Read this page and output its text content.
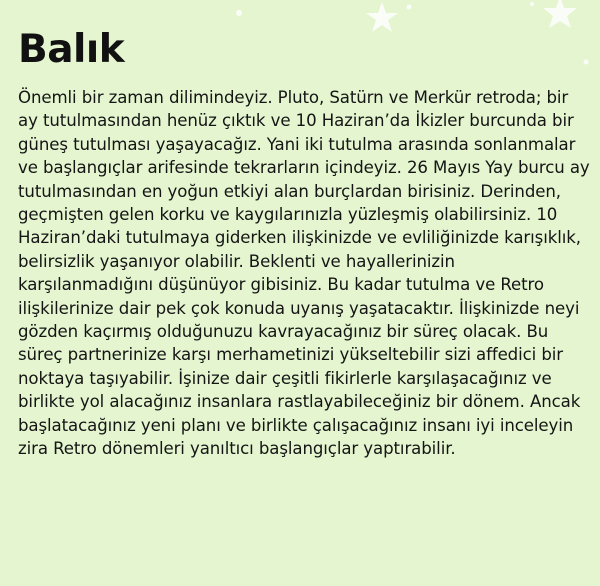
Balık

Önemli bir zaman dilimindeyiz. Pluto, Satürn ve Merkür retroda; bir ay tutulmasından henüz çıktık ve 10 Haziran’da İkizler burcunda bir güneş tutulması yaşayacağız. Yani iki tutulma arasında sonlanmalar ve başlangıçlar arifesinde tekrarların içindeyiz. 26 Mayıs Yay burcu ay tutulmasından en yoğun etkiyi alan burçlardan birisiniz. Derinden, geçmişten gelen korku ve kaygılarınızla yüzleşmiş olabilirsiniz. 10 Haziran’daki tutulmaya giderken ilişkinizde ve evliliğinizde karışıklık, belirsizlik yaşanıyor olabilir. Beklenti ve hayallerinizin karşılanmadığını düşünüyor gibisiniz. Bu kadar tutulma ve Retro ilişkilerinize dair pek çok konuda uyanış yaşatacaktır. İlişkinizde neyi gözden kaçırmış olduğunuzu kavrayacağınız bir süreç olacak. Bu süreç partnerinize karşı merhametinizi yükseltebilir sizi affedici bir noktaya taşıyabilir. İşinize dair çeşitli fikirlerle karşılaşacağınız ve birlikte yol alacağınız insanlara rastlayabileceğiniz bir dönem. Ancak başlatacağınız yeni planı ve birlikte çalışacağınız insanı iyi inceleyin zira Retro dönemleri yanıltıcı başlangıçlar yaptırabilir.
